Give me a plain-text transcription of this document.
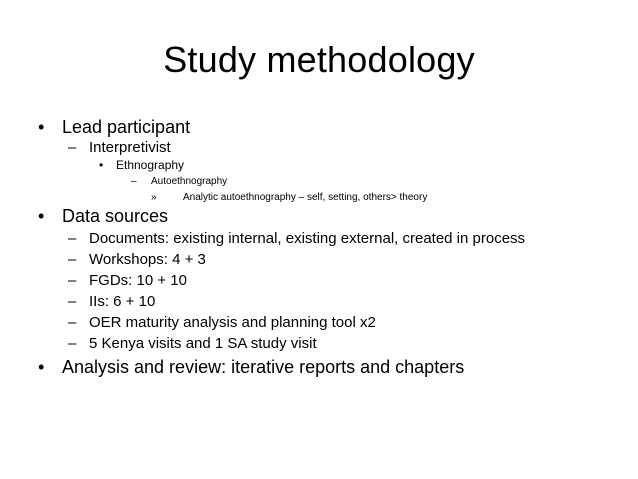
Study methodology
• Lead participant
– Interpretivist
•	Ethnography
–	Autoethnography
»	Analytic autoethnography – self, setting, others> theory
• Data sources
– Documents: existing internal, existing external, created in process
– Workshops: 4 + 3
– FGDs: 10 + 10
– IIs: 6 + 10
– OER maturity analysis and planning tool x2
– 5 Kenya visits and 1 SA study visit
• Analysis and review: iterative reports and chapters
